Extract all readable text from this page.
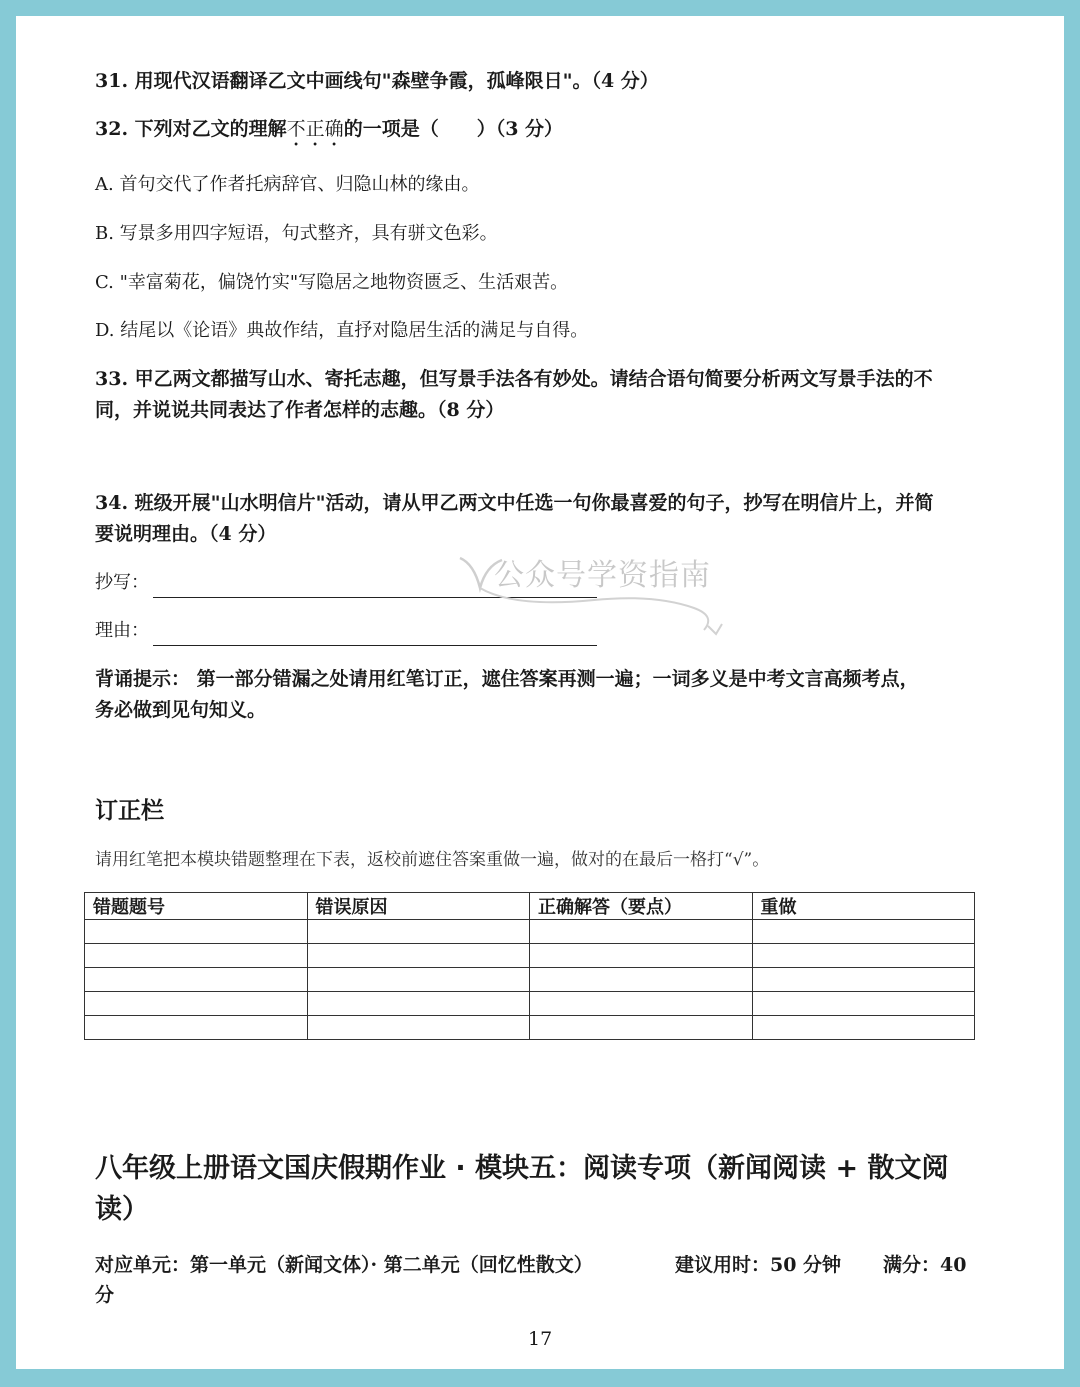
31. 用现代汉语翻译乙文中画线句"森壁争霞，孤峰限日"。（4 分）
32. 下列对乙文的理解不正确的一项是（　　）（3 分）
A. 首句交代了作者托病辞官、归隐山林的缘由。
B. 写景多用四字短语，句式整齐，具有骈文色彩。
C. "幸富菊花，偏饶竹实"写隐居之地物资匮乏、生活艰苦。
D. 结尾以《论语》典故作结，直抒对隐居生活的满足与自得。
33. 甲乙两文都描写山水、寄托志趣，但写景手法各有妙处。请结合语句简要分析两文写景手法的不
同，并说说共同表达了作者怎样的志趣。（8 分）
34. 班级开展"山水明信片"活动，请从甲乙两文中任选一句你最喜爱的句子，抄写在明信片上，并简
要说明理由。（4 分）
抄写：
理由：
公众号学资指南
背诵提示： 第一部分错漏之处请用红笔订正，遮住答案再测一遍；一词多义是中考文言高频考点，
务必做到见句知义。
订正栏
请用红笔把本模块错题整理在下表，返校前遮住答案重做一遍，做对的在最后一格打“√”。
错题题号	错误原因	正确解答（要点）	重做

八年级上册语文国庆假期作业 · 模块五：阅读专项（新闻阅读 + 散文阅
读）
对应单元：第一单元（新闻文体）· 第二单元（回忆性散文）	建议用时：50 分钟 满分：40
分
17
